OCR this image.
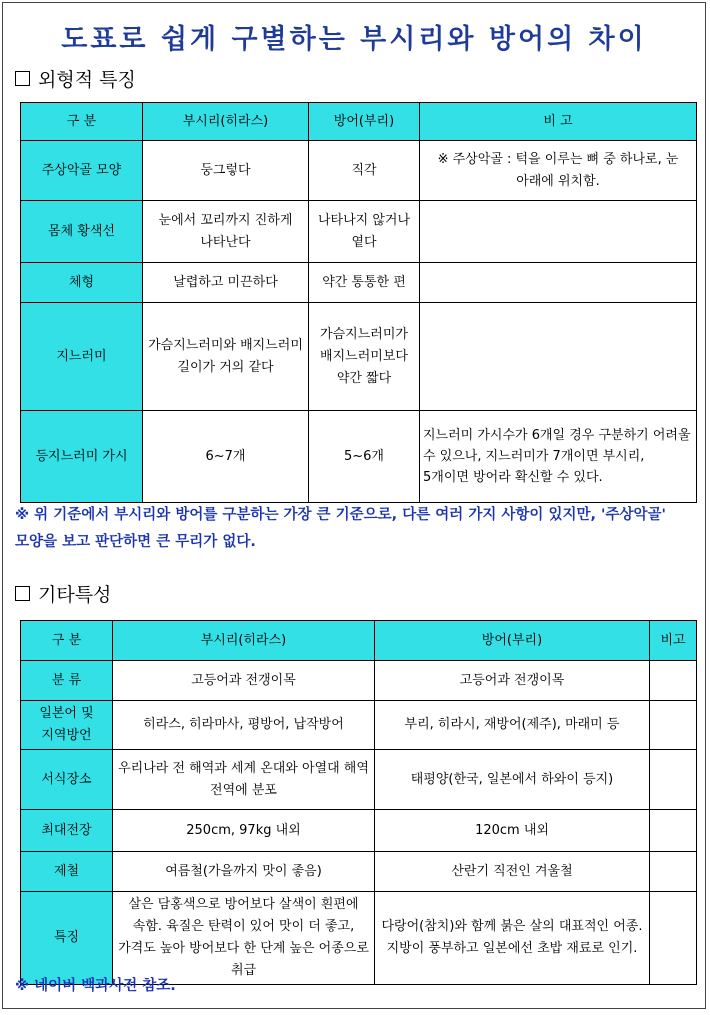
도표로 쉽게 구별하는 부시리와 방어의 차이
외형적 특징
구 분	부시리(히라스)	방어(부리)	비 고
주상악골 모양	둥그렇다	직각	※ 주상악골 : 턱을 이루는 뼈 중 하나로, 눈 아래에 위치함.
몸체 황색선	눈에서 꼬리까지 진하게 나타난다	나타나지 않거나 옅다	
체형	날렵하고 미끈하다	약간 통통한 편	
지느러미	가슴지느러미와 배지느러미 길이가 거의 같다	가슴지느러미가 배지느러미보다 약간 짧다	
등지느러미 가시	6~7개	5~6개	지느러미 가시수가 6개일 경우 구분하기 어려울 수 있으나, 지느러미가 7개이면 부시리, 5개이면 방어라 확신할 수 있다.
※ 위 기준에서 부시리와 방어를 구분하는 가장 큰 기준으로, 다른 여러 가지 사항이 있지만, '주상악골' 모양을 보고 판단하면 큰 무리가 없다.
기타특성
구 분	부시리(히라스)	방어(부리)	비고
분 류	고등어과 전갱이목	고등어과 전갱이목	
일본어 및 지역방언	히라스, 히라마사, 평방어, 납작방어	부리, 히라시, 재방어(제주), 마래미 등	
서식장소	우리나라 전 해역과 세계 온대와 아열대 해역 전역에 분포	태평양(한국, 일본에서 하와이 등지)	
최대전장	250cm, 97kg 내외	120cm 내외	
제철	여름철(가을까지 맛이 좋음)	산란기 직전인 겨울철	
특징	살은 담홍색으로 방어보다 살색이 흰편에 속함. 육질은 탄력이 있어 맛이 더 좋고, 가격도 높아 방어보다 한 단계 높은 어종으로 취급	다랑어(참치)와 함께 붉은 살의 대표적인 어종. 지방이 풍부하고 일본에선 초밥 재료로 인기.	
※ 네이버 백과사전 참조.
